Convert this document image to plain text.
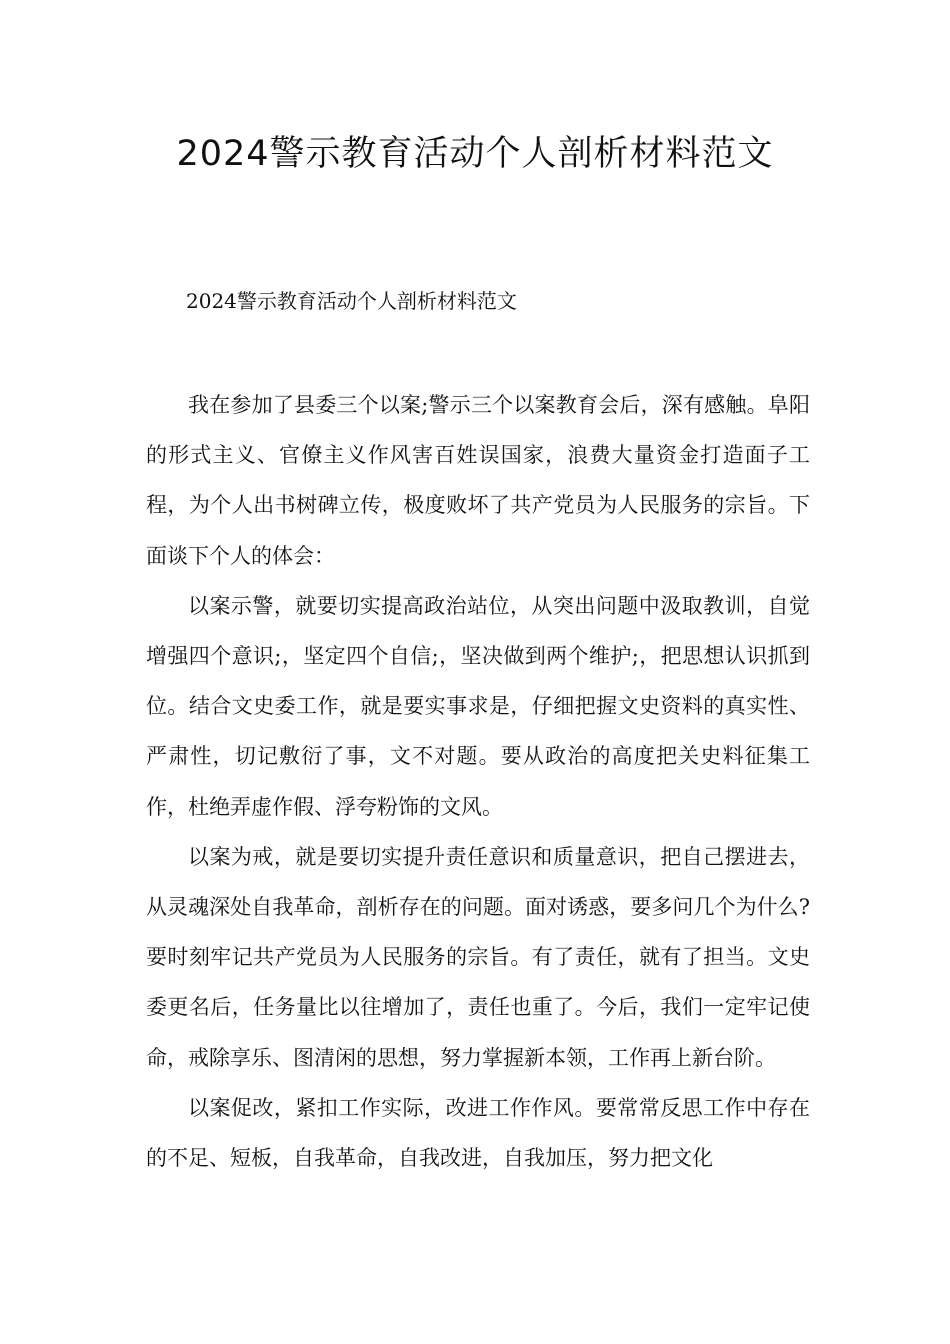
2024警示教育活动个人剖析材料范文

2024警示教育活动个人剖析材料范文

我在参加了县委三个以案;警示三个以案教育会后，深有感触。阜阳的形式主义、官僚主义作风害百姓误国家，浪费大量资金打造面子工程，为个人出书树碑立传，极度败坏了共产党员为人民服务的宗旨。下面谈下个人的体会：

以案示警，就要切实提高政治站位，从突出问题中汲取教训，自觉增强四个意识;，坚定四个自信;，坚决做到两个维护;，把思想认识抓到位。结合文史委工作，就是要实事求是，仔细把握文史资料的真实性、严肃性，切记敷衍了事，文不对题。要从政治的高度把关史料征集工作，杜绝弄虚作假、浮夸粉饰的文风。

以案为戒，就是要切实提升责任意识和质量意识，把自己摆进去，从灵魂深处自我革命，剖析存在的问题。面对诱惑，要多问几个为什么?要时刻牢记共产党员为人民服务的宗旨。有了责任，就有了担当。文史委更名后，任务量比以往增加了，责任也重了。今后，我们一定牢记使命，戒除享乐、图清闲的思想，努力掌握新本领，工作再上新台阶。

以案促改，紧扣工作实际，改进工作作风。要常常反思工作中存在的不足、短板，自我革命，自我改进，自我加压，努力把文化
